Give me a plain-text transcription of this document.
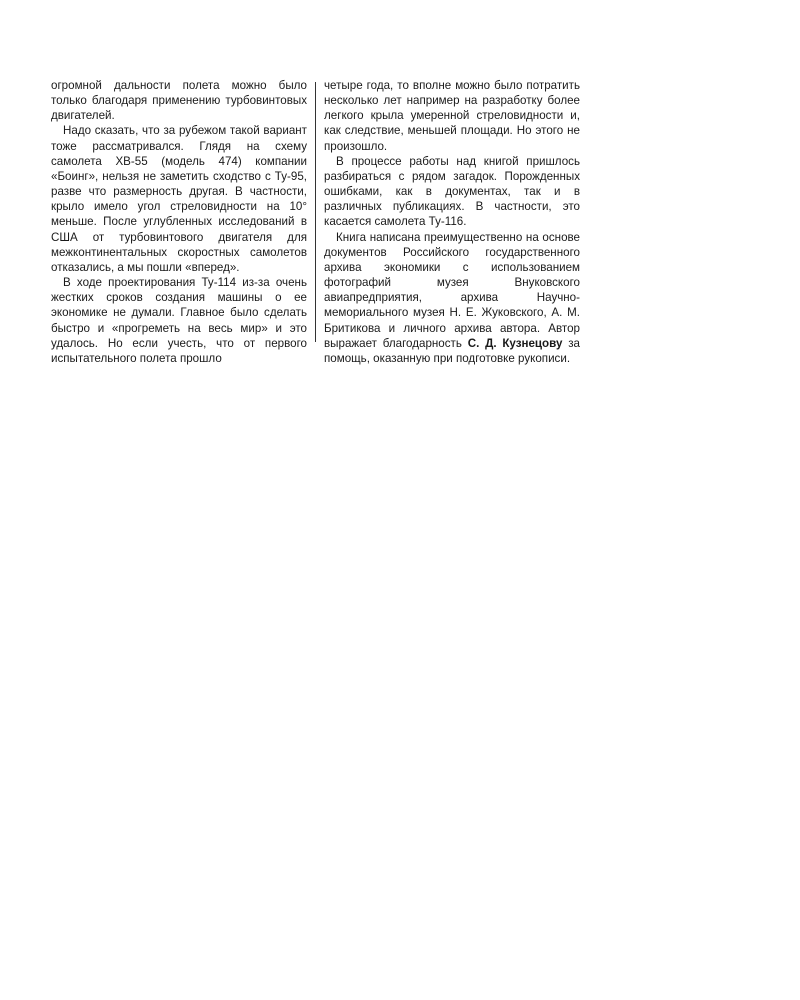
огромной дальности полета можно было только благодаря применению турбовинтовых двигателей.

Надо сказать, что за рубежом такой вариант тоже рассматривался. Глядя на схему самолета XB-55 (модель 474) компании «Боинг», нельзя не заметить сходство с Ту-95, разве что размерность другая. В частности, крыло имело угол стреловидности на 10° меньше. После углубленных исследований в США от турбовинтового двигателя для межконтинентальных скоростных самолетов отказались, а мы пошли «вперед».

В ходе проектирования Ту-114 из-за очень жестких сроков создания машины о ее экономике не думали. Главное было сделать быстро и «прогреметь на весь мир» и это удалось. Но если учесть, что от первого испытательного полета прошло

четыре года, то вполне можно было потратить несколько лет например на разработку более легкого крыла умеренной стреловидности и, как следствие, меньшей площади. Но этого не произошло.

В процессе работы над книгой пришлось разбираться с рядом загадок. Порожденных ошибками, как в документах, так и в различных публикациях. В частности, это касается самолета Ту-116.

Книга написана преимущественно на основе документов Российского государственного архива экономики с использованием фотографий музея Внуковского авиапредприятия, архива Научно-мемориального музея Н. Е. Жуковского, А. М. Бритикова и личного архива автора. Автор выражает благодарность С. Д. Кузнецову за помощь, оказанную при подготовке рукописи.
